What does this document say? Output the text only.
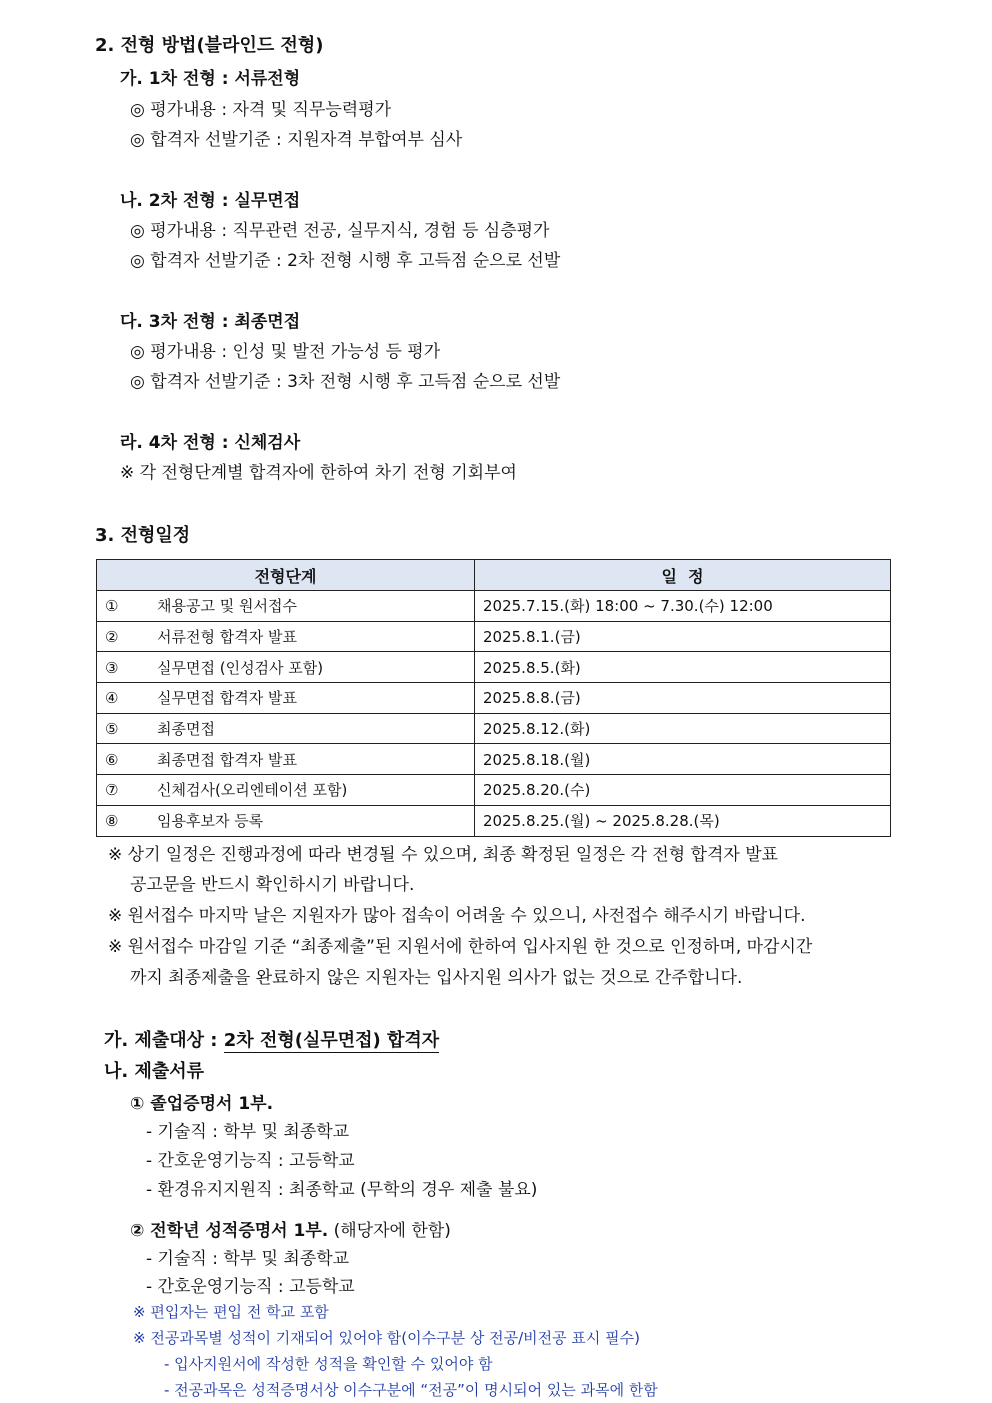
2. 전형 방법(블라인드 전형)
가. 1차 전형 : 서류전형
◎ 평가내용 : 자격 및 직무능력평가
◎ 합격자 선발기준 : 지원자격 부합여부 심사
나. 2차 전형 : 실무면접
◎ 평가내용 : 직무관련 전공, 실무지식, 경험 등 심층평가
◎ 합격자 선발기준 : 2차 전형 시행 후 고득점 순으로 선발
다. 3차 전형 : 최종면접
◎ 평가내용 : 인성 및 발전 가능성 등 평가
◎ 합격자 선발기준 : 3차 전형 시행 후 고득점 순으로 선발
라. 4차 전형 : 신체검사
※ 각 전형단계별 합격자에 한하여 차기 전형 기회부여
3. 전형일정
전형단계	일  정
① 채용공고 및 원서접수	2025.7.15.(화) 18:00 ~ 7.30.(수) 12:00
② 서류전형 합격자 발표	2025.8.1.(금)
③ 실무면접 (인성검사 포함)	2025.8.5.(화)
④ 실무면접 합격자 발표	2025.8.8.(금)
⑤ 최종면접	2025.8.12.(화)
⑥ 최종면접 합격자 발표	2025.8.18.(월)
⑦ 신체검사(오리엔테이션 포함)	2025.8.20.(수)
⑧ 임용후보자 등록	2025.8.25.(월) ~ 2025.8.28.(목)
※ 상기 일정은 진행과정에 따라 변경될 수 있으며, 최종 확정된 일정은 각 전형 합격자 발표
공고문을 반드시 확인하시기 바랍니다.
※ 원서접수 마지막 날은 지원자가 많아 접속이 어려울 수 있으니, 사전접수 해주시기 바랍니다.
※ 원서접수 마감일 기준 “최종제출”된 지원서에 한하여 입사지원 한 것으로 인정하며, 마감시간
까지 최종제출을 완료하지 않은 지원자는 입사지원 의사가 없는 것으로 간주합니다.
가. 제출대상 : 2차 전형(실무면접) 합격자
나. 제출서류
① 졸업증명서 1부.
- 기술직 : 학부 및 최종학교
- 간호운영기능직 : 고등학교
- 환경유지지원직 : 최종학교 (무학의 경우 제출 불요)
② 전학년 성적증명서 1부. (해당자에 한함)
- 기술직 : 학부 및 최종학교
- 간호운영기능직 : 고등학교
※ 편입자는 편입 전 학교 포함
※ 전공과목별 성적이 기재되어 있어야 함(이수구분 상 전공/비전공 표시 필수)
- 입사지원서에 작성한 성적을 확인할 수 있어야 함
- 전공과목은 성적증명서상 이수구분에 “전공”이 명시되어 있는 과목에 한함
